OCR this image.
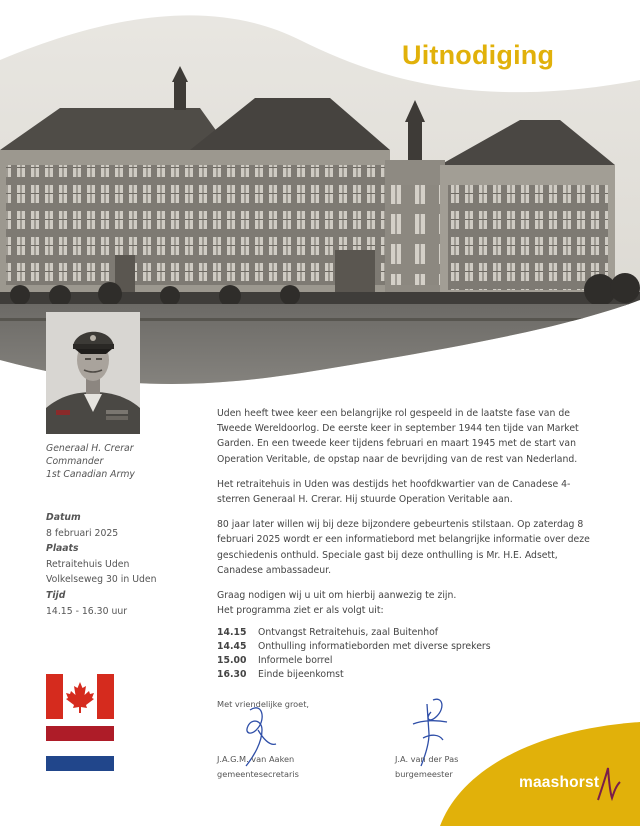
Uitnodiging
Generaal H. Crerar
Commander
1st Canadian Army
Datum
8 februari 2025
Plaats
Retraitehuis Uden
Volkelseweg 30 in Uden
Tijd
14.15 - 16.30 uur

Uden heeft twee keer een belangrijke rol gespeeld in de laatste fase van de Tweede Wereldoorlog. De eerste keer in september 1944 ten tijde van Market Garden. En een tweede keer tijdens februari en maart 1945 met de start van Operation Veritable, de opstap naar de bevrijding van de rest van Nederland.

Het retraitehuis in Uden was destijds het hoofdkwartier van de Canadese 4-sterren Generaal H. Crerar. Hij stuurde Operation Veritable aan.

80 jaar later willen wij bij deze bijzondere gebeurtenis stilstaan. Op zaterdag 8 februari 2025 wordt er een informatiebord met belangrijke informatie over deze geschiedenis onthuld. Speciale gast bij deze onthulling is Mr. H.E. Adsett, Canadese ambassadeur.

Graag nodigen wij u uit om hierbij aanwezig te zijn.

Het programma ziet er als volgt uit:

14.15	Ontvangst Retraitehuis, zaal Buitenhof
14.45	Onthulling informatieborden met diverse sprekers
15.00	Informele borrel
16.30	Einde bijeenkomst
Met vriendelijke groet,
J.A.G.M. van Aaken
gemeentesecretaris
J.A. van der Pas
burgemeester	maashorst
